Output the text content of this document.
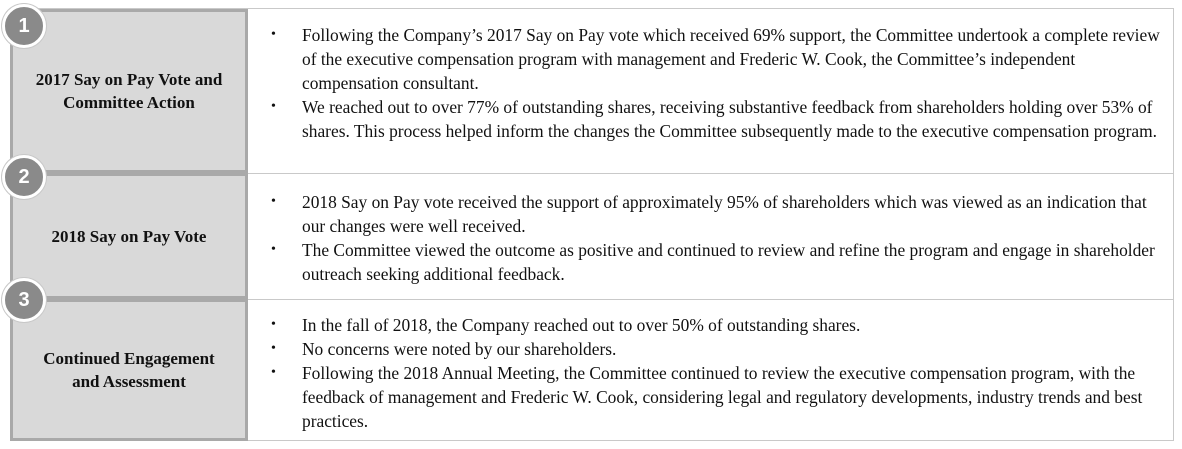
2017 Say on Pay Vote and Committee Action
• Following the Company’s 2017 Say on Pay vote which received 69% support, the Committee undertook a complete review of the executive compensation program with management and Frederic W. Cook, the Committee’s independent compensation consultant.
• We reached out to over 77% of outstanding shares, receiving substantive feedback from shareholders holding over 53% of shares. This process helped inform the changes the Committee subsequently made to the executive compensation program.
2018 Say on Pay Vote
• 2018 Say on Pay vote received the support of approximately 95% of shareholders which was viewed as an indication that our changes were well received.
• The Committee viewed the outcome as positive and continued to review and refine the program and engage in shareholder outreach seeking additional feedback.
Continued Engagement and Assessment
• In the fall of 2018, the Company reached out to over 50% of outstanding shares.
• No concerns were noted by our shareholders.
• Following the 2018 Annual Meeting, the Committee continued to review the executive compensation program, with the feedback of management and Frederic W. Cook, considering legal and regulatory developments, industry trends and best practices.
1
2
3
